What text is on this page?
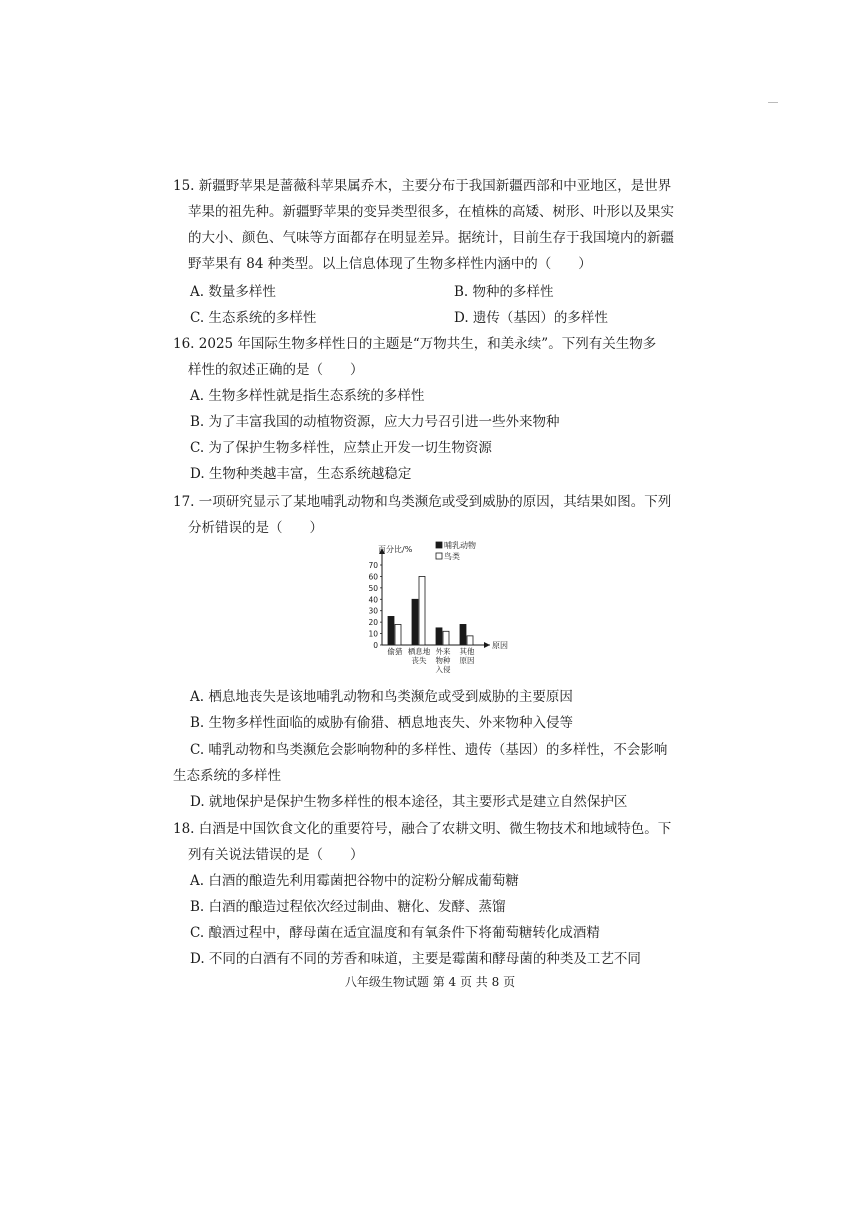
15. 新疆野苹果是蔷薇科苹果属乔木，主要分布于我国新疆西部和中亚地区，是世界
苹果的祖先种。新疆野苹果的变异类型很多，在植株的高矮、树形、叶形以及果实
的大小、颜色、气味等方面都存在明显差异。据统计，目前生存于我国境内的新疆
野苹果有 84 种类型。以上信息体现了生物多样性内涵中的（　　）
A. 数量多样性	B. 物种的多样性
C. 生态系统的多样性	D. 遗传（基因）的多样性
16. 2025 年国际生物多样性日的主题是“万物共生，和美永续”。下列有关生物多
样性的叙述正确的是（　　）
A. 生物多样性就是指生态系统的多样性
B. 为了丰富我国的动植物资源，应大力号召引进一些外来物种
C. 为了保护生物多样性，应禁止开发一切生物资源
D. 生物种类越丰富，生态系统越稳定
17. 一项研究显示了某地哺乳动物和鸟类濒危或受到威胁的原因，其结果如图。下列
分析错误的是（　　）
0
10
20
30
40
50
60
70
百分比/%
原因
哺乳动物
鸟类
偷猎 栖息地
丧失
外来
物种
入侵
其他
原因
A. 栖息地丧失是该地哺乳动物和鸟类濒危或受到威胁的主要原因
B. 生物多样性面临的威胁有偷猎、栖息地丧失、外来物种入侵等
C. 哺乳动物和鸟类濒危会影响物种的多样性、遗传（基因）的多样性，不会影响
生态系统的多样性
D. 就地保护是保护生物多样性的根本途径，其主要形式是建立自然保护区
18. 白酒是中国饮食文化的重要符号，融合了农耕文明、微生物技术和地域特色。下
列有关说法错误的是（　　）
A. 白酒的酿造先利用霉菌把谷物中的淀粉分解成葡萄糖
B. 白酒的酿造过程依次经过制曲、糖化、发酵、蒸馏
C. 酿酒过程中，酵母菌在适宜温度和有氧条件下将葡萄糖转化成酒精
D. 不同的白酒有不同的芳香和味道，主要是霉菌和酵母菌的种类及工艺不同
八年级生物试题 第 4 页 共 8 页
